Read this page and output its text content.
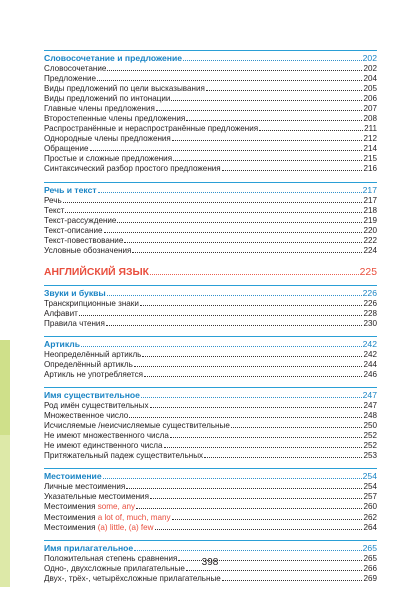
Словосочетание и предложение	202
Словосочетание	202
Предложение	204
Виды предложений по цели высказывания	205
Виды предложений по интонации	206
Главные члены предложения	207
Второстепенные члены предложения	208
Распространённые и нераспространённые предложения	211
Однородные члены предложения	212
Обращение	214
Простые и сложные предложения	215
Синтаксический разбор простого предложения	216
Речь и текст	217
Речь	217
Текст	218
Текст-рассуждение	219
Текст-описание	220
Текст-повествование	222
Условные обозначения	224
АНГЛИЙСКИЙ ЯЗЫК	225
Звуки и буквы	226
Транскрипционные знаки	226
Алфавит	228
Правила чтения	230
Артикль	242
Неопределённый артикль	242
Определённый артикль	244
Артикль не употребляется	246
Имя существительное	247
Род имён существительных	247
Множественное число	248
Исчисляемые /неисчисляемые существительные	250
Не имеют множественного числа	252
Не имеют единственного числа	252
Притяжательный падеж существительных	253
Местоимение	254
Личные местоимения	254
Указательные местоимения	257
Местоимения
some, any	260
Местоимения
a lot of, much, many	262
Местоимения
(a) little, (a) few	264
Имя прилагательное	265
Положительная степень сравнения	265
Одно-, двухсложные прилагательные	266
Двух-, трёх-, четырёхсложные прилагательные	269
398
